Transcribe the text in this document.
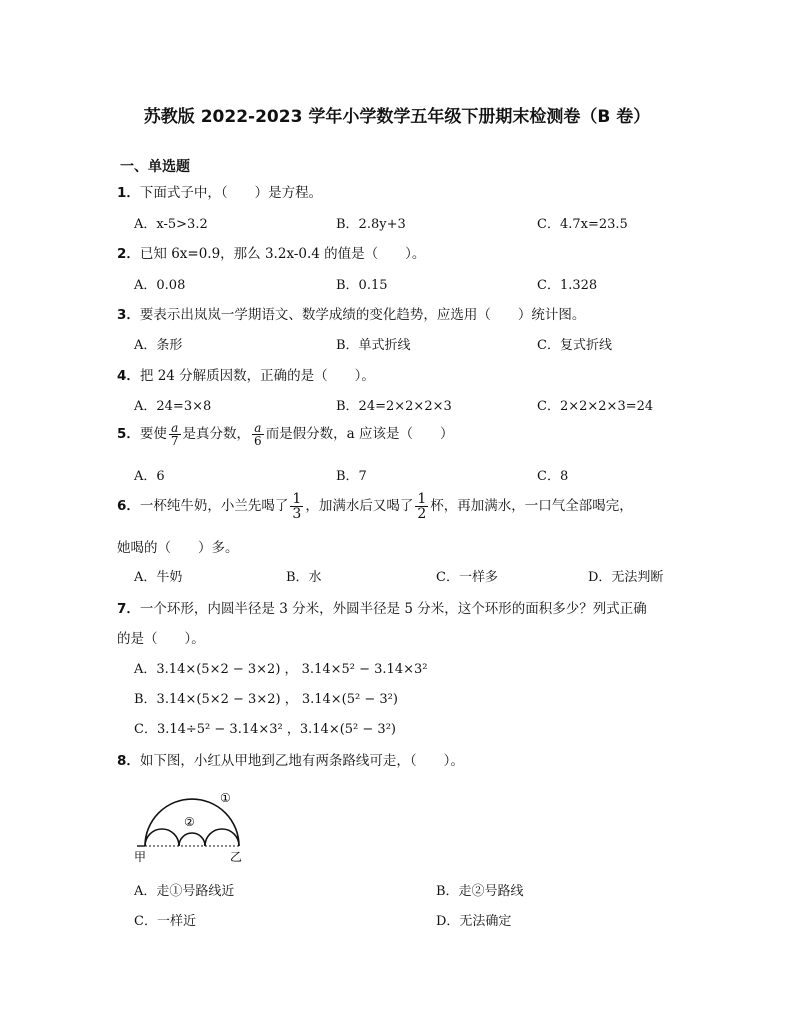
苏教版 2022-2023 学年小学数学五年级下册期末检测卷（B 卷）
一、单选题
1．下面式子中，（　　）是方程。
A．x-5>3.2	B．2.8y+3	C．4.7x=23.5
2．已知 6x=0.9，那么 3.2x-0.4 的值是（　　）。
A．0.08	B．0.15	C．1.328
3．要表示出岚岚一学期语文、数学成绩的变化趋势，应选用（　　）统计图。
A．条形	B．单式折线	C．复式折线
4．把 24 分解质因数，正确的是（　　）。
A．24=3×8	B．24=2×2×2×3	C．2×2×2×3=24
5．要使 $\frac{a}{7}$ 是真分数， $\frac{a}{6}$ 而是假分数，a 应该是（　　）
A．6	B．7	C．8
6．一杯纯牛奶，小兰先喝了 $\frac{1}{3}$ ，加满水后又喝了 $\frac{1}{2}$ 杯，再加满水，一口气全部喝完，
她喝的（　　）多。
A．牛奶	B．水	C．一样多	D．无法判断
7．一个环形，内圆半径是 3 分米，外圆半径是 5 分米，这个环形的面积多少？列式正确
的是（　　）。
A．3.14×(5×2 − 3×2) ， 3.14×5² − 3.14×3²
B．3.14×(5×2 − 3×2) ， 3.14×(5² − 3²)
C．3.14÷5² − 3.14×3² ，3.14×(5² − 3²)
8．如下图，小红从甲地到乙地有两条路线可走，（　　）。
①
②
甲	乙
A．走①号路线近	B．走②号路线
C．一样近	D．无法确定
